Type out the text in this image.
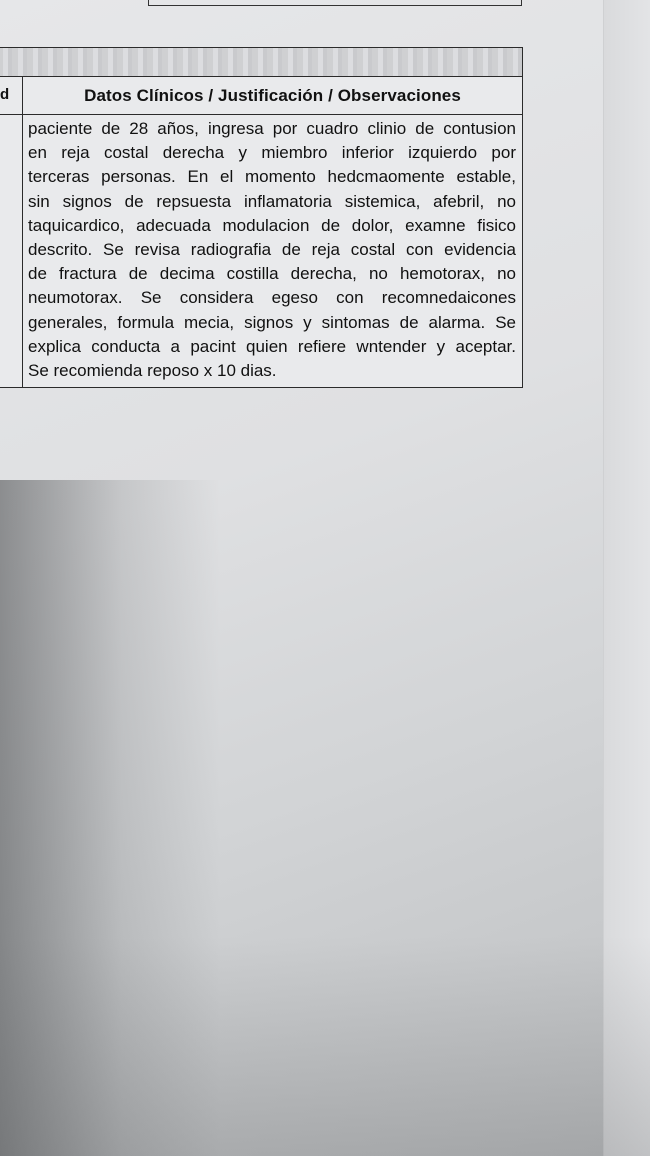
d	Datos Clínicos / Justificación / Observaciones
paciente de 28 años, ingresa por cuadro clinio de contusion
en reja costal derecha y miembro inferior izquierdo por
terceras personas. En el momento hedcmaomente estable,
sin signos de repsuesta inflamatoria sistemica, afebril, no
taquicardico, adecuada modulacion de dolor, examne fisico
descrito. Se revisa radiografia de reja costal con evidencia
de fractura de decima costilla derecha, no hemotorax, no
neumotorax. Se considera egeso con recomnedaicones
generales, formula mecia, signos y sintomas de alarma. Se
explica conducta a pacint quien refiere wntender y aceptar.
Se recomienda reposo x 10 dias.
